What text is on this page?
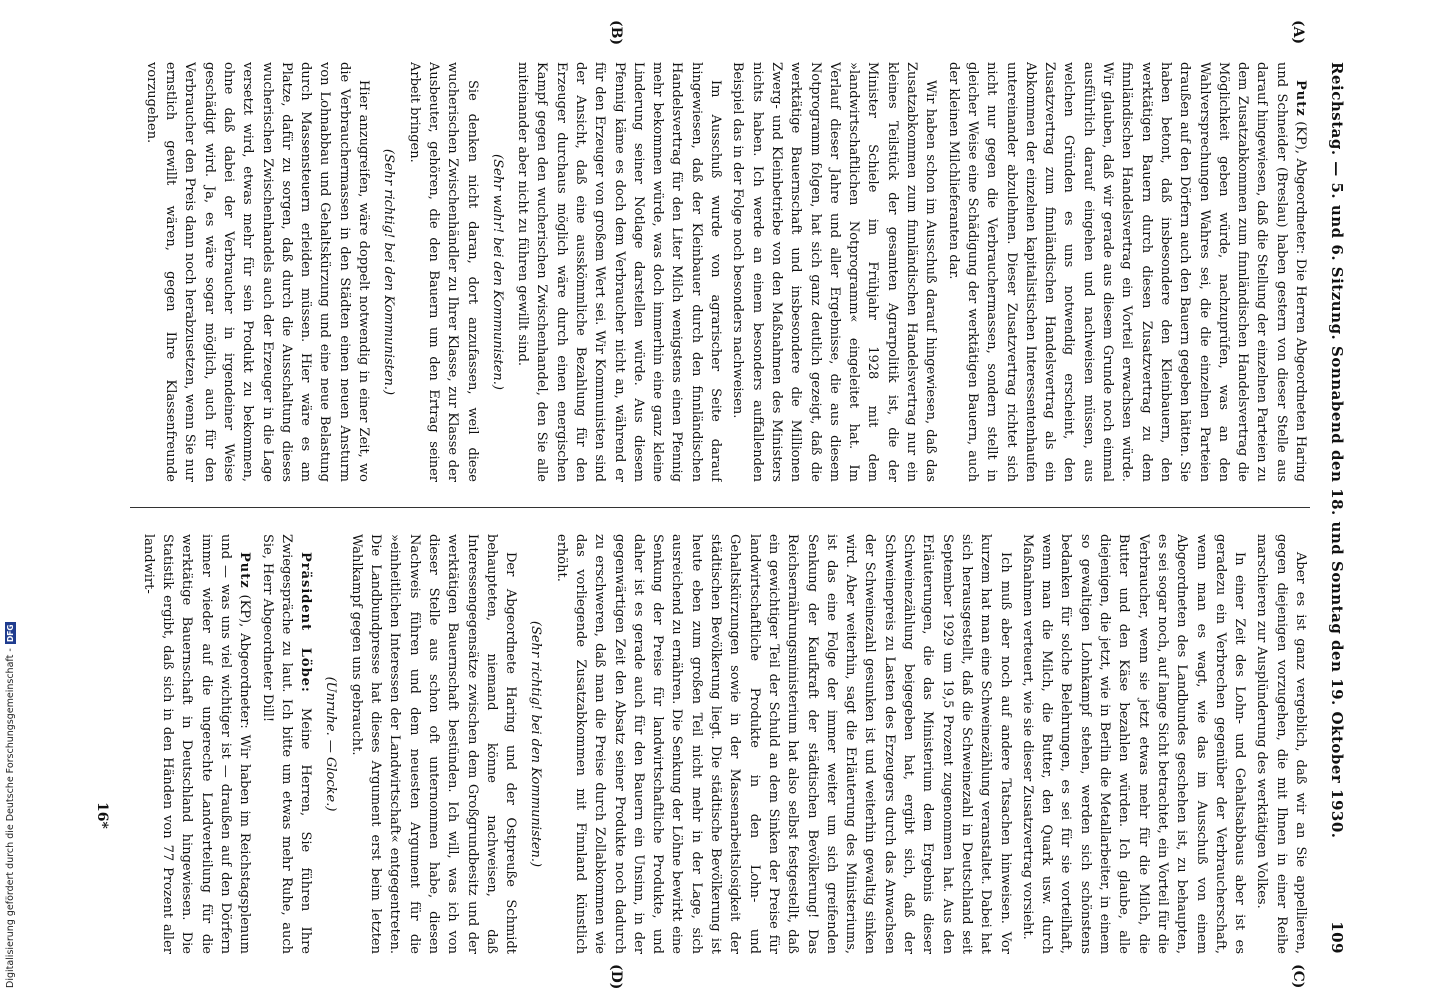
Reichstag. — 5. und 6. Sitzung. Sonnabend den 18. und Sonntag den 19. Oktober 1930.
109
(A)
(B)
(C)
(D)

Putz (KP), Abgeordneter: Die Herren Abgeordneten Haring und Schneider (Breslau) haben gestern von dieser Stelle aus darauf hingewiesen, daß die Stellung der einzelnen Parteien zu dem Zusatzabkommen zum finnländischen Handelsvertrag die Möglichkeit geben würde, nachzuprüfen, was an den Wahlversprechungen Wahres sei, die die einzelnen Parteien draußen auf den Dörfern auch den Bauern gegeben hätten. Sie haben betont, daß insbesondere den Kleinbauern, den werktätigen Bauern durch diesen Zusatzvertrag zu dem finnländischen Handelsvertrag ein Vorteil erwachsen würde. Wir glauben, daß wir gerade aus diesem Grunde noch einmal ausführlich darauf eingehen und nachweisen müssen, aus welchen Gründen es uns notwendig erscheint, den Zusatzvertrag zum finnländischen Handelsvertrag als ein Abkommen der einzelnen kapitalistischen Interessentenhaufen untereinander abzulehnen. Dieser Zusatzvertrag richtet sich nicht nur gegen die Verbrauchermassen, sondern stellt in gleicher Weise eine Schädigung der werktätigen Bauern, auch der kleinen Milchlieferanten dar.

Wir haben schon im Ausschuß darauf hingewiesen, daß das Zusatzabkommen zum finnländischen Handelsvertrag nur ein kleines Teilstück der gesamten Agrarpolitik ist, die der Minister Schiele im Frühjahr 1928 mit dem »landwirtschaftlichen Notprogramm« eingeleitet hat. Im Verlauf dieser Jahre und aller Ergebnisse, die aus diesem Notprogramm folgen, hat sich ganz deutlich gezeigt, daß die werktätige Bauernschaft und insbesondere die Millionen Zwerg- und Kleinbetriebe von den Maßnahmen des Ministers nichts haben. Ich werde an einem besonders auffallenden Beispiel das in der Folge noch besonders nachweisen.

Im Ausschuß wurde von agrarischer Seite darauf hingewiesen, daß der Kleinbauer durch den finnländischen Handelsvertrag für den Liter Milch wenigstens einen Pfennig mehr bekommen würde, was doch immerhin eine ganz kleine Linderung seiner Notlage darstellen würde. Aus diesem Pfennig käme es doch dem Verbraucher nicht an, während er für den Erzeuger von großem Wert sei. Wir Kommunisten sind der Ansicht, daß eine ausskömmliche Bezahlung für den Erzeuger durchaus möglich wäre durch einen energischen Kampf gegen den wucherischen Zwischenhandel, den Sie alle miteinander aber nicht zu führen gewillt sind.

(Sehr wahr! bei den Kommunisten.)

Sie denken nicht daran, dort anzufassen, weil diese wucherischen Zwischenhändler zu Ihrer Klasse, zur Klasse der Ausbeuter, gehören, die den Bauern um den Ertrag seiner Arbeit bringen.

(Sehr richtig! bei den Kommunisten.)

Hier anzugreifen, wäre doppelt notwendig in einer Zeit, wo die Verbrauchermassen in den Städten einen neuen Ansturm von Lohnabbau und Gehaltskürzung und eine neue Belastung durch Massensteuern erleiden müssen. Hier wäre es am Platze, dafür zu sorgen, daß durch die Ausschaltung dieses wucherischen Zwischenhandels auch der Erzeuger in die Lage versetzt wird, etwas mehr für sein Produkt zu bekommen, ohne daß dabei der Verbraucher in irgendeiner Weise geschädigt wird. Ja, es wäre sogar möglich, auch für den Verbraucher den Preis dann noch herabzusetzen, wenn Sie nur ernstlich gewillt wären, gegen Ihre Klassenfreunde vorzugehen.

Aber es ist ganz vergeblich, daß wir an Sie appellieren, gegen diejenigen vorzugehen, die mit Ihnen in einer Reihe marschieren zur Ausplünderung des werktätigen Volkes.

In einer Zeit des Lohn- und Gehaltsabbaus aber ist es geradezu ein Verbrechen gegenüber der Verbraucherschaft, wenn man es wagt, wie das im Ausschuß von einem Abgeordneten des Landbundes geschehen ist, zu behaupten, es sei sogar noch, auf lange Sicht betrachtet, ein Vorteil für die Verbraucher, wenn sie jetzt etwas mehr für die Milch, die Butter und den Käse bezahlen würden. Ich glaube, alle diejenigen, die jetzt, wie in Berlin die Metallarbeiter, in einem so gewaltigen Lohnkampf stehen, werden sich schönstens bedanken für solche Belehrungen, es sei für sie vorteilhaft, wenn man die Milch, die Butter, den Quark usw. durch Maßnahmen verteuert, wie sie dieser Zusatzvertrag vorsieht.

Ich muß aber noch auf andere Tatsachen hinweisen. Vor kurzem hat man eine Schweinezählung veranstaltet. Dabei hat sich herausgestellt, daß die Schweinezahl in Deutschland seit September 1929 um 19,5 Prozent zugenommen hat. Aus den Erläuterungen, die das Ministerium dem Ergebnis dieser Schweinezählung beigegeben hat, ergibt sich, daß der Schweinepreis zu Lasten des Erzeugers durch das Anwachsen der Schweinezahl gesunken ist und weiterhin gewaltig sinken wird. Aber weiterhin, sagt die Erläuterung des Ministeriums, ist das eine Folge der immer weiter um sich greifenden Senkung der Kaufkraft der städtischen Bevölkerung! Das Reichsernährungsministerium hat also selbst festgestellt, daß ein gewichtiger Teil der Schuld an dem Sinken der Preise für landwirtschaftliche Produkte in den Lohn- und Gehaltskürzungen sowie in der Massenarbeitslosigkeit der städtischen Bevölkerung liegt. Die städtische Bevölkerung ist heute eben zum großen Teil nicht mehr in der Lage, sich ausreichend zu ernähren. Die Senkung der Löhne bewirkt eine Senkung der Preise für landwirtschaftliche Produkte, und daher ist es gerade auch für den Bauern ein Unsinn, in der gegenwärtigen Zeit den Absatz seiner Produkte noch dadurch zu erschweren, daß man die Preise durch Zollabkommen wie das vorliegende Zusatzabkommen mit Finnland künstlich erhöht.

(Sehr richtig! bei den Kommunisten.)

Der Abgeordnete Haring und der Ostpreuße Schmidt behaupteten, niemand könne nachweisen, daß Interessengegensätze zwischen dem Großgrundbesitz und der werktätigen Bauernschaft bestünden. Ich will, was ich von dieser Stelle aus schon oft unternommen habe, diesen Nachweis führen und dem neuesten Argument für die »einheitlichen Interessen der Landwirtschaft« entgegentreten. Die Landbundpresse hat dieses Argument erst beim letzten Wahlkampf gegen uns gebraucht.

(Unruhe. — Glocke.)

Präsident Löbe: Meine Herren, Sie führen Ihre Zwiegespräche zu laut. Ich bitte um etwas mehr Ruhe, auch Sie, Herr Abgeordneter Dill!

Putz (KP), Abgeordneter: Wir haben im Reichstagsplenum und — was uns viel wichtiger ist — draußen auf den Dörfern immer wieder auf die ungerechte Landverteilung für die werktätige Bauernschaft in Deutschland hingewiesen. Die Statistik ergibt, daß sich in den Händen von 77 Prozent aller landwirt-

16*
Digitalisierung gefördert durch die Deutsche Forschungsgemeinschaft -
DFG
